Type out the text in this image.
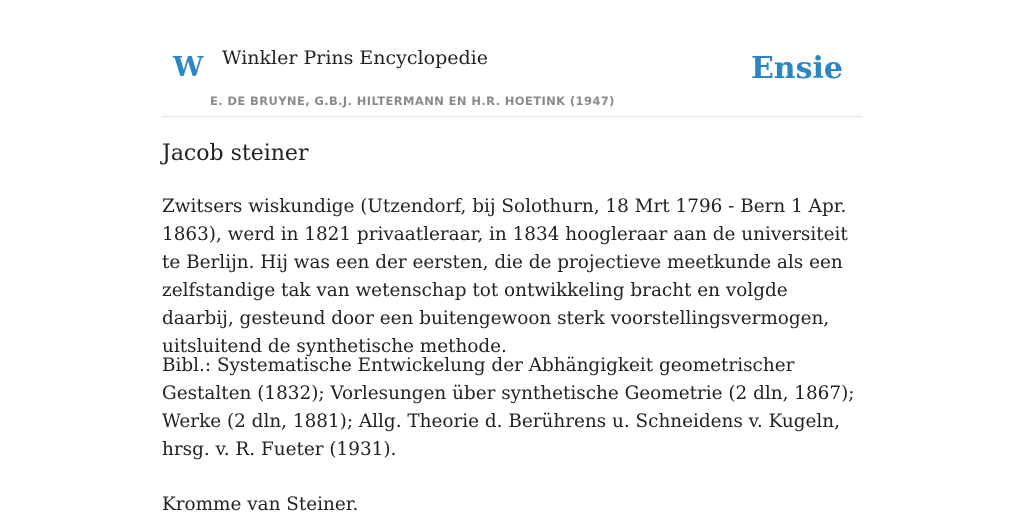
W Winkler Prins Encyclopedie
E. DE BRUYNE, G.B.J. HILTERMANN EN H.R. HOETINK (1947)
Ensie
Jacob steiner

Zwitsers wiskundige (Utzendorf, bij Solothurn, 18 Mrt 1796 - Bern 1 Apr. 1863), werd in 1821 privaatleraar, in 1834 hoogleraar aan de universiteit te Berlijn. Hij was een der eersten, die de projectieve meetkunde als een zelfstandige tak van wetenschap tot ontwikkeling bracht en volgde daarbij, gesteund door een buitengewoon sterk voorstellingsvermogen, uitsluitend de synthetische methode.

Bibl.: Systematische Entwickelung der Abhängigkeit geometrischer Gestalten (1832); Vorlesungen über synthetische Geometrie (2 dln, 1867); Werke (2 dln, 1881); Allg. Theorie d. Berührens u. Schneidens v. Kugeln, hrsg. v. R. Fueter (1931).

Kromme van Steiner.
